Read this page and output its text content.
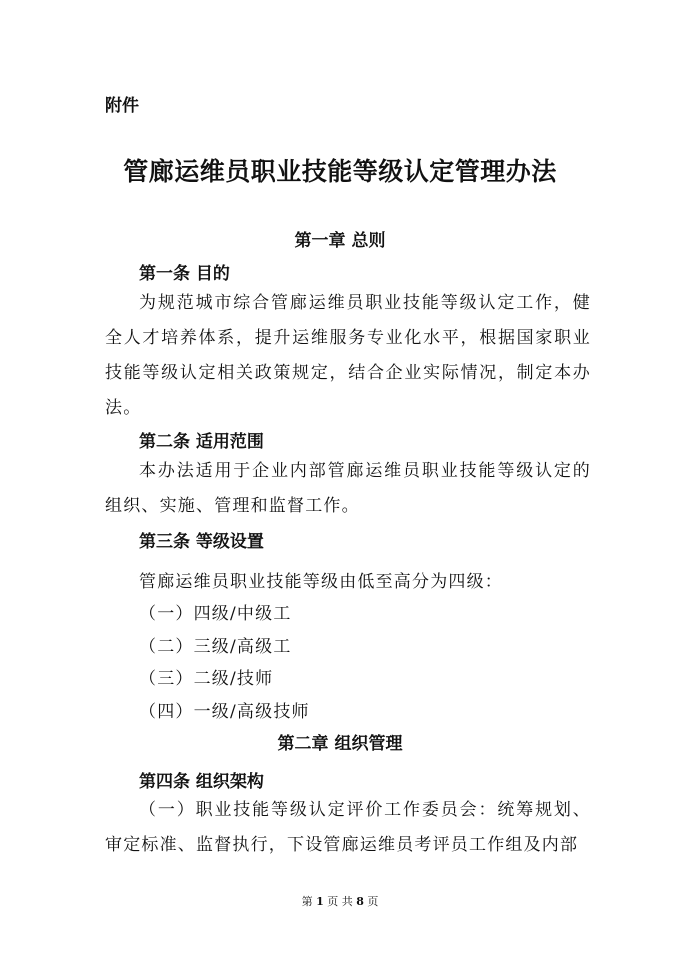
附件
管廊运维员职业技能等级认定管理办法
第一章 总则
第一条 目的
为规范城市综合管廊运维员职业技能等级认定工作，健全人才培养体系，提升运维服务专业化水平，根据国家职业技能等级认定相关政策规定，结合企业实际情况，制定本办法。
第二条 适用范围
本办法适用于企业内部管廊运维员职业技能等级认定的组织、实施、管理和监督工作。
第三条 等级设置
管廊运维员职业技能等级由低至高分为四级：
（一）四级/中级工
（二）三级/高级工
（三）二级/技师
（四）一级/高级技师
第二章 组织管理
第四条 组织架构
（一）职业技能等级认定评价工作委员会：统筹规划、审定标准、监督执行，下设管廊运维员考评员工作组及内部
第 1 页 共 8 页
